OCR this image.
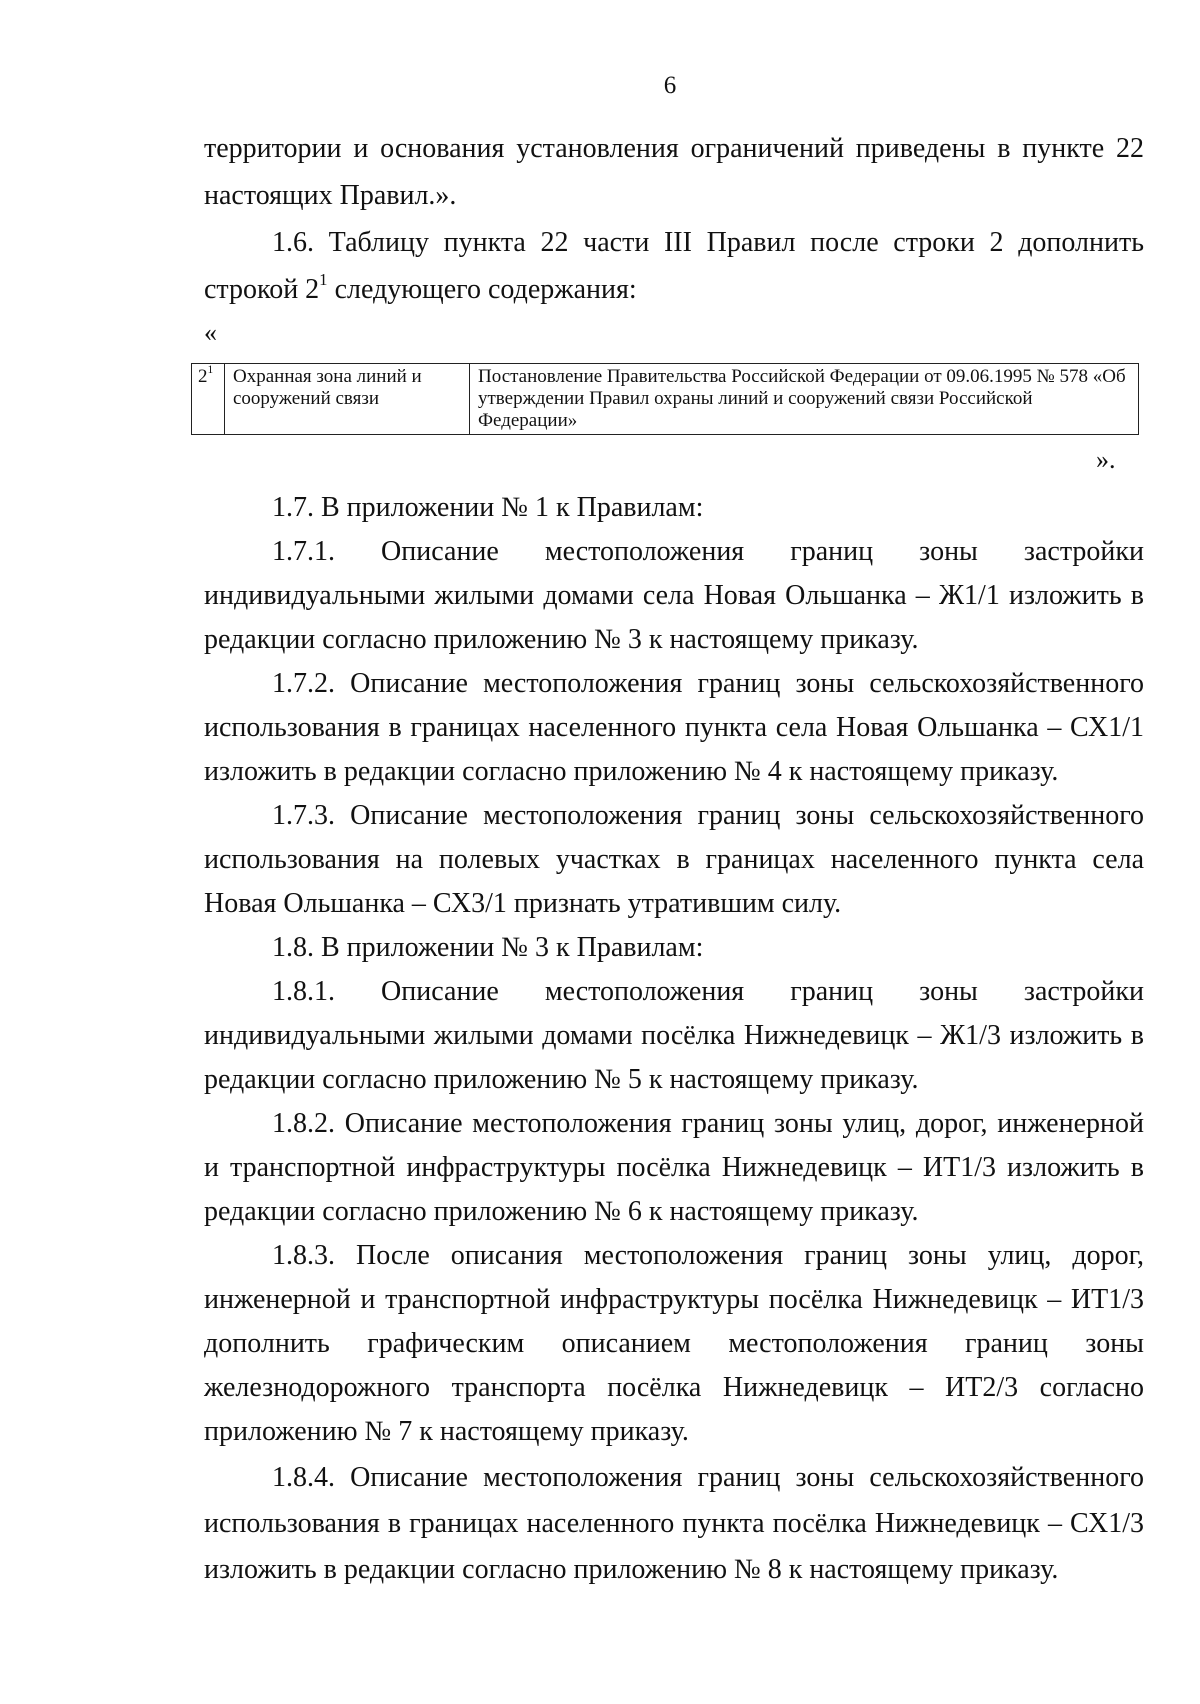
6
территории и основания установления ограничений приведены в пункте 22
настоящих Правил.».
1.6. Таблицу пункта 22 части III Правил после строки 2 дополнить
строкой $2^1$ следующего содержания:
«
$2^1$	Охранная зона линий и сооружений связи	Постановление Правительства Российской Федерации от 09.06.1995 № 578 «Об утверждении Правил охраны линий и сооружений связи Российской Федерации»
».
1.7. В приложении № 1 к Правилам:
1.7.1. Описание местоположения границ зоны застройки
индивидуальными жилыми домами села Новая Ольшанка – Ж1/1 изложить в
редакции согласно приложению № 3 к настоящему приказу.
1.7.2. Описание местоположения границ зоны сельскохозяйственного
использования в границах населенного пункта села Новая Ольшанка – СХ1/1
изложить в редакции согласно приложению № 4 к настоящему приказу.
1.7.3. Описание местоположения границ зоны сельскохозяйственного
использования на полевых участках в границах населенного пункта села
Новая Ольшанка – СХ3/1 признать утратившим силу.
1.8. В приложении № 3 к Правилам:
1.8.1. Описание местоположения границ зоны застройки
индивидуальными жилыми домами посёлка Нижнедевицк – Ж1/3 изложить в
редакции согласно приложению № 5 к настоящему приказу.
1.8.2. Описание местоположения границ зоны улиц, дорог, инженерной
и транспортной инфраструктуры посёлка Нижнедевицк – ИТ1/3 изложить в
редакции согласно приложению № 6 к настоящему приказу.
1.8.3. После описания местоположения границ зоны улиц, дорог,
инженерной и транспортной инфраструктуры посёлка Нижнедевицк – ИТ1/3
дополнить графическим описанием местоположения границ зоны
железнодорожного транспорта посёлка Нижнедевицк – ИТ2/3 согласно
приложению № 7 к настоящему приказу.
1.8.4. Описание местоположения границ зоны сельскохозяйственного
использования в границах населенного пункта посёлка Нижнедевицк – СХ1/3
изложить в редакции согласно приложению № 8 к настоящему приказу.
